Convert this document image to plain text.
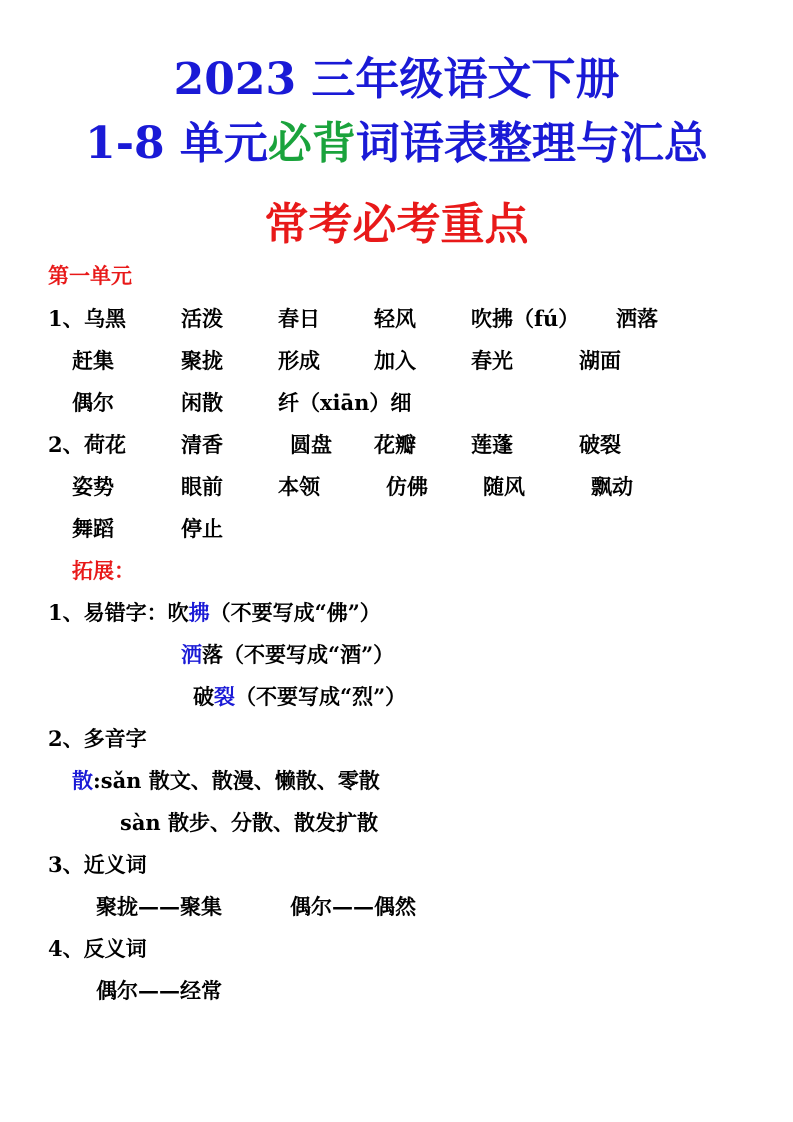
2023 三年级语文下册
1-8 单元必背词语表整理与汇总
常考必考重点
第一单元
1、 乌黑	活泼	春日	轻风	吹拂（fú） 洒落
赶集	聚拢	形成	加入	春光	湖面
偶尔	闲散	纤（xiān）细
2、 荷花	清香	圆盘 花瓣	莲蓬	破裂
姿势	眼前	本领	仿佛	随风	飘动
舞蹈	停止
拓展：
1、易错字：吹拂（不要写成“佛”）
洒落（不要写成“酒”）
破裂（不要写成“烈”）
2、多音字
散:sǎn 散文、散漫、懒散、零散
sàn 散步、分散、散发扩散
3、近义词
聚拢——聚集	偶尔——偶然
4、反义词
偶尔——经常
